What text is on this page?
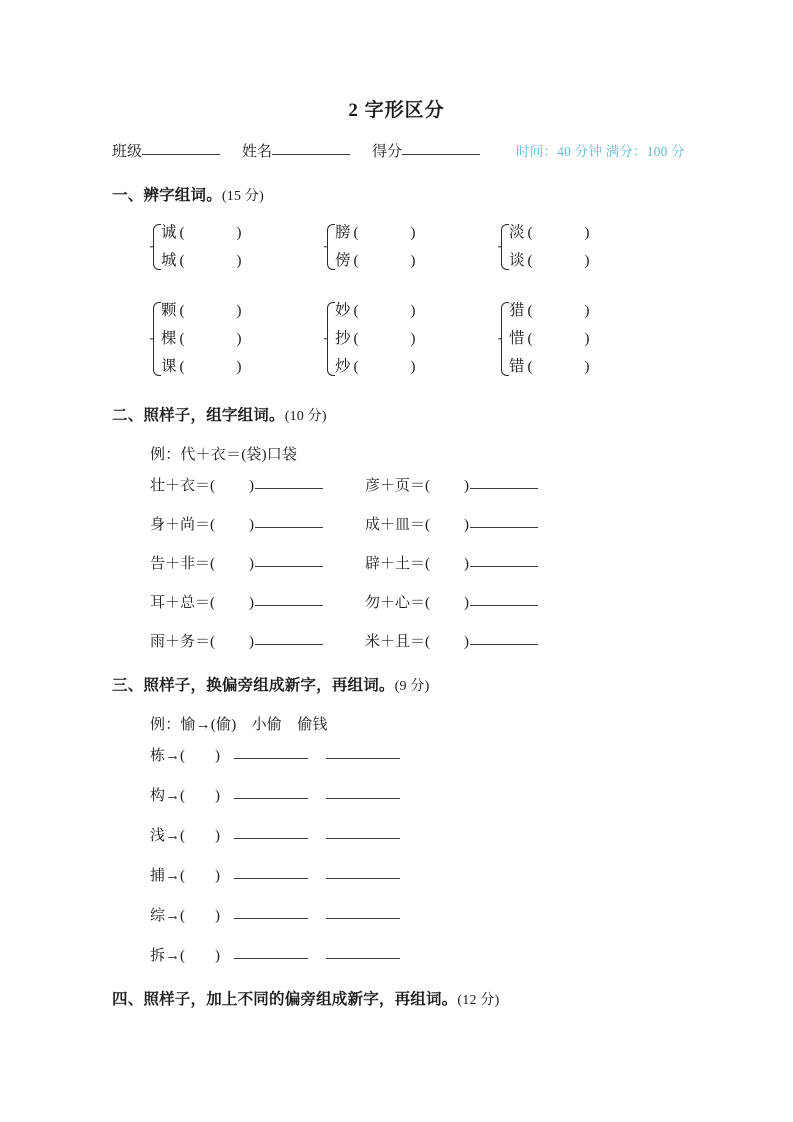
2 字形区分
班级	姓名	得分	时间：40 分钟 满分：100 分
一、辨字组词。(15 分)
诚 (	)
城 (	)
膀 (	)
傍 (	)
淡 (	)
谈 (	)
颗 (	)
棵 (	)
课 (	)
妙 (	)
抄 (	)
炒 (	)
猎 (	)
惜 (	)
错 (	)
二、照样子，组字组词。(10 分)
例：代＋衣＝(袋)口袋
壮＋衣＝( )	彦＋页＝( )
身＋尚＝( )	成＋皿＝( )
告＋非＝( )	辟＋土＝( )
耳＋总＝( )	勿＋心＝( )
雨＋务＝( )	米＋且＝( )
三、照样子，换偏旁组成新字，再组词。(9 分)
例：愉→(偷)　小偷　偷钱
栋 → ( )
构 → ( )
浅 → ( )
捕 → ( )
综 → ( )
拆 → ( )
四、照样子，加上不同的偏旁组成新字，再组词。(12 分)
